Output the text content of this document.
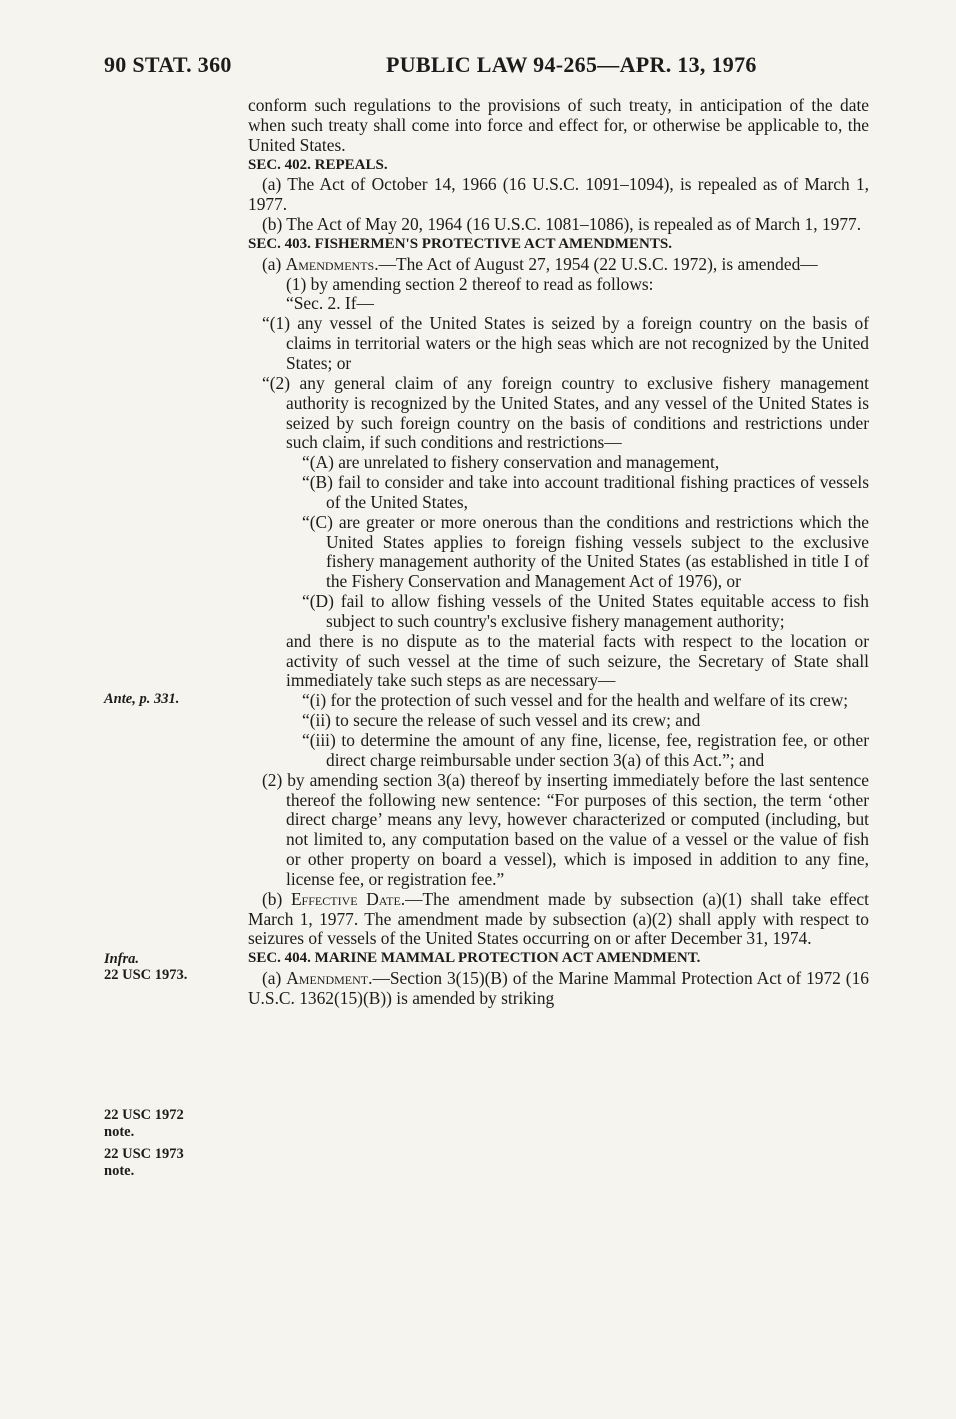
90 STAT. 360	PUBLIC LAW 94-265—APR. 13, 1976
Ante, p. 331.
Infra.
22 USC 1973.
22 USC 1972
note.
22 USC 1973
note.

conform such regulations to the provisions of such treaty, in anticipation of the date when such treaty shall come into force and effect for, or otherwise be applicable to, the United States.

SEC. 402. REPEALS.

(a) The Act of October 14, 1966 (16 U.S.C. 1091–1094), is repealed as of March 1, 1977.

(b) The Act of May 20, 1964 (16 U.S.C. 1081–1086), is repealed as of March 1, 1977.

SEC. 403. FISHERMEN'S PROTECTIVE ACT AMENDMENTS.

(a) Amendments.—The Act of August 27, 1954 (22 U.S.C. 1972), is amended—

(1) by amending section 2 thereof to read as follows:

“Sec. 2. If—

“(1) any vessel of the United States is seized by a foreign country on the basis of claims in territorial waters or the high seas which are not recognized by the United States; or

“(2) any general claim of any foreign country to exclusive fishery management authority is recognized by the United States, and any vessel of the United States is seized by such foreign country on the basis of conditions and restrictions under such claim, if such conditions and restrictions—

“(A) are unrelated to fishery conservation and management,

“(B) fail to consider and take into account traditional fishing practices of vessels of the United States,

“(C) are greater or more onerous than the conditions and restrictions which the United States applies to foreign fishing vessels subject to the exclusive fishery management authority of the United States (as established in title I of the Fishery Conservation and Management Act of 1976), or

“(D) fail to allow fishing vessels of the United States equitable access to fish subject to such country's exclusive fishery management authority;

and there is no dispute as to the material facts with respect to the location or activity of such vessel at the time of such seizure, the Secretary of State shall immediately take such steps as are necessary—

“(i) for the protection of such vessel and for the health and welfare of its crew;

“(ii) to secure the release of such vessel and its crew; and

“(iii) to determine the amount of any fine, license, fee, registration fee, or other direct charge reimbursable under section 3(a) of this Act.”; and

(2) by amending section 3(a) thereof by inserting immediately before the last sentence thereof the following new sentence: “For purposes of this section, the term ‘other direct charge’ means any levy, however characterized or computed (including, but not limited to, any computation based on the value of a vessel or the value of fish or other property on board a vessel), which is imposed in addition to any fine, license fee, or registration fee.”

(b) Effective Date.—The amendment made by subsection (a)(1) shall take effect March 1, 1977. The amendment made by subsection (a)(2) shall apply with respect to seizures of vessels of the United States occurring on or after December 31, 1974.

SEC. 404. MARINE MAMMAL PROTECTION ACT AMENDMENT.

(a) Amendment.—Section 3(15)(B) of the Marine Mammal Protection Act of 1972 (16 U.S.C. 1362(15)(B)) is amended by striking
